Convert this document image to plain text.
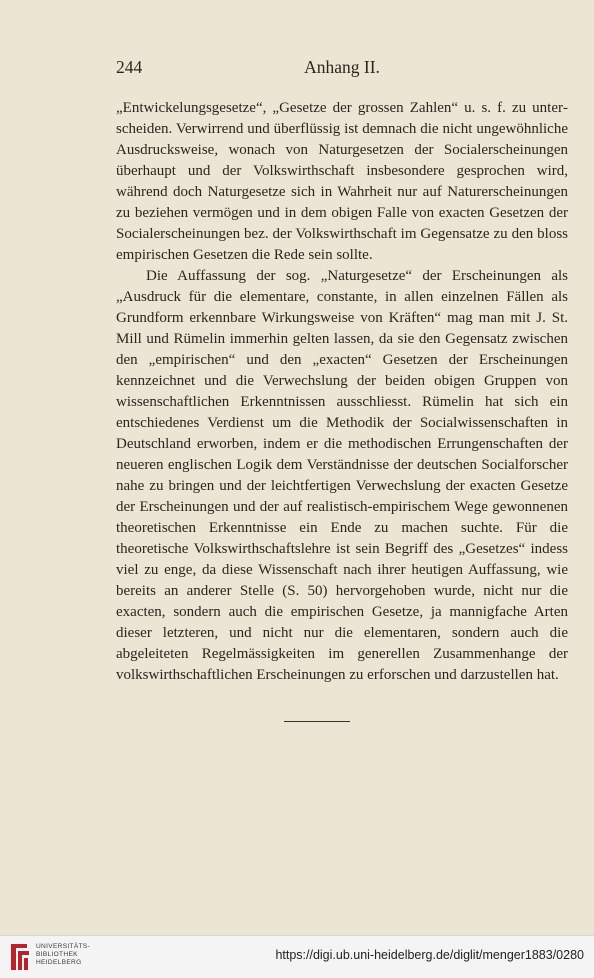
244	Anhang II.

„Entwickelungsgesetze“, „Gesetze der grossen Zahlen“ u. s. f. zu unterscheiden. Verwirrend und überflüssig ist demnach die nicht ungewöhnliche Ausdrucksweise, wonach von Naturgesetzen der Socialerscheinungen überhaupt und der Volkswirthschaft insbesondere gesprochen wird, während doch Naturgesetze sich in Wahrheit nur auf Naturerscheinungen zu beziehen vermögen und in dem obigen Falle von exacten Gesetzen der Socialerscheinungen bez. der Volkswirthschaft im Gegensatze zu den bloss empirischen Gesetzen die Rede sein sollte.

Die Auffassung der sog. „Naturgesetze“ der Erscheinungen als „Ausdruck für die elementare, constante, in allen einzelnen Fällen als Grundform erkennbare Wirkungsweise von Kräften“ mag man mit J. St. Mill und Rümelin immerhin gelten lassen, da sie den Gegensatz zwischen den „empirischen“ und den „exacten“ Gesetzen der Erscheinungen kennzeichnet und die Verwechslung der beiden obigen Gruppen von wissenschaftlichen Erkenntnissen ausschliesst. Rümelin hat sich ein entschiedenes Verdienst um die Methodik der Socialwissenschaften in Deutschland erworben, indem er die methodischen Errungenschaften der neueren englischen Logik dem Verständnisse der deutschen Socialforscher nahe zu bringen und der leichtfertigen Verwechslung der exacten Gesetze der Erscheinungen und der auf realistisch-empirischem Wege gewonnenen theoretischen Erkenntnisse ein Ende zu machen suchte. Für die theoretische Volkswirthschaftslehre ist sein Begriff des „Gesetzes“ indess viel zu enge, da diese Wissenschaft nach ihrer heutigen Auffassung, wie bereits an anderer Stelle (S. 50) hervorgehoben wurde, nicht nur die exacten, sondern auch die empirischen Gesetze, ja mannigfache Arten dieser letzteren, und nicht nur die elementaren, sondern auch die abgeleiteten Regelmässigkeiten im generellen Zusammenhange der volkswirthschaftlichen Erscheinungen zu erforschen und darzustellen hat.

UNIVERSITÄTS-
BIBLIOTHEK
HEIDELBERG
https://digi.ub.uni-heidelberg.de/diglit/menger1883/0280
